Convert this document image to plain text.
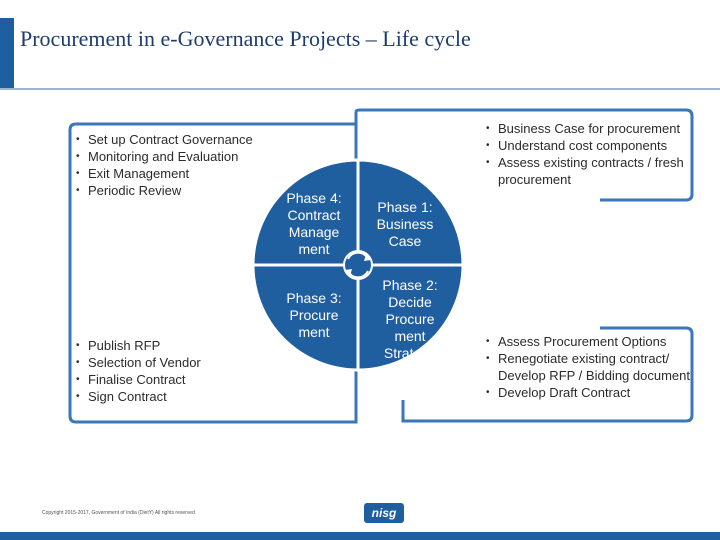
Procurement in e-Governance Projects – Life cycle
• Set up Contract Governance
• Monitoring and Evaluation
• Exit Management
• Periodic Review
• Publish RFP
• Selection of Vendor
• Finalise Contract
• Sign Contract
• Business Case for procurement
• Understand cost components
• Assess existing contracts / fresh procurement
• Assess Procurement Options
• Renegotiate existing contract/ Develop RFP / Bidding document
• Develop Draft Contract
Phase 4:
Contract
Manage
ment
Phase 1:
Business
Case
Phase 3:
Procure
ment
Phase 2:
Decide
Procure
ment
Strategy
Copyright 2015-2017, Government of India (DietY) All rights reserved	nisg
